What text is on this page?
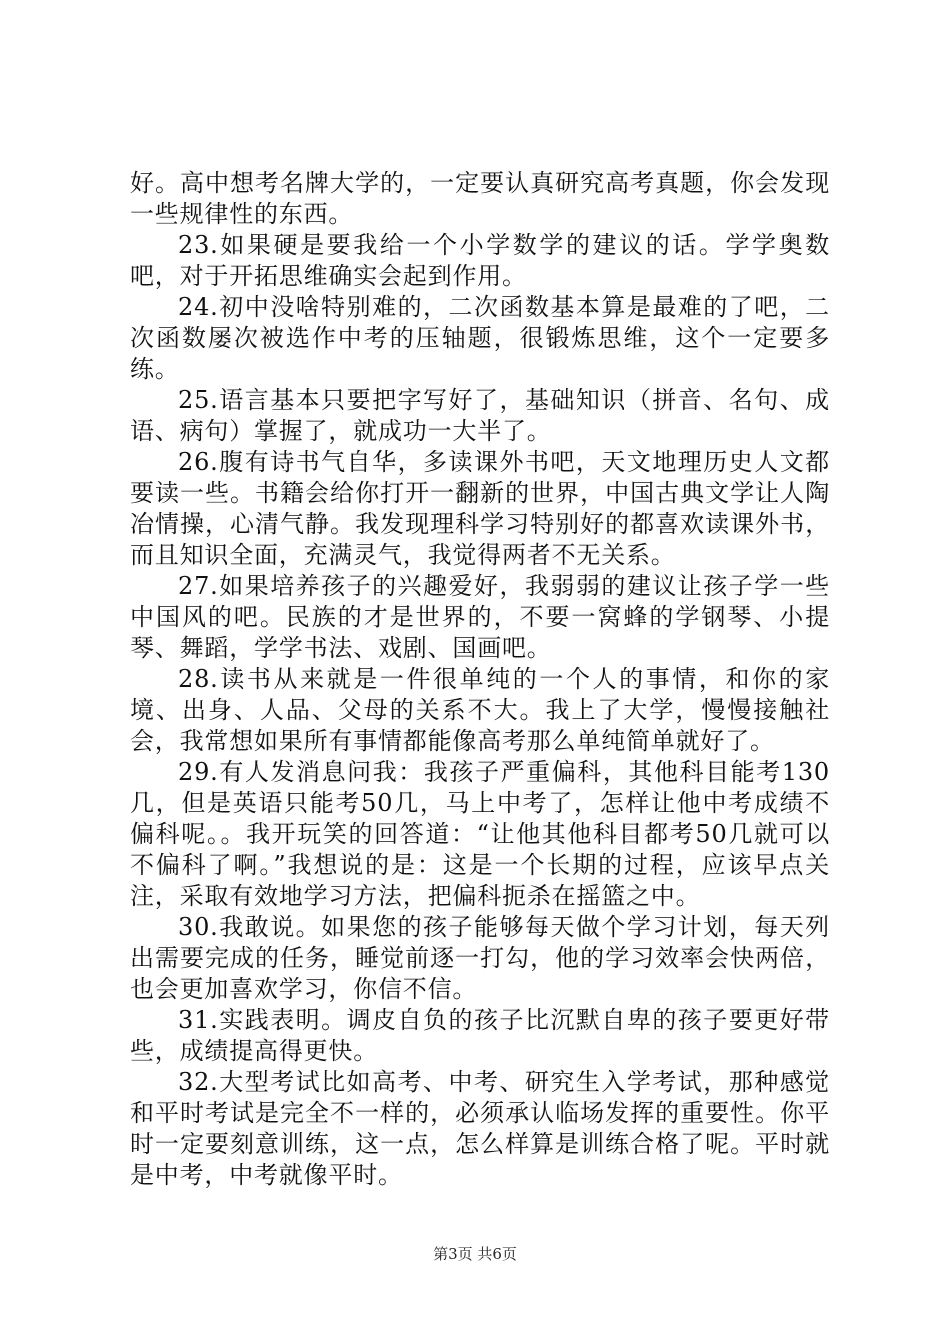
好。高中想考名牌大学的，一定要认真研究高考真题，你会发现一些规律性的东西。

23.如果硬是要我给一个小学数学的建议的话。学学奥数吧，对于开拓思维确实会起到作用。

24.初中没啥特别难的，二次函数基本算是最难的了吧，二次函数屡次被选作中考的压轴题，很锻炼思维，这个一定要多练。

25.语言基本只要把字写好了，基础知识（拼音、名句、成语、病句）掌握了，就成功一大半了。

26.腹有诗书气自华，多读课外书吧，天文地理历史人文都要读一些。书籍会给你打开一翻新的世界，中国古典文学让人陶冶情操，心清气静。我发现理科学习特别好的都喜欢读课外书，而且知识全面，充满灵气，我觉得两者不无关系。

27.如果培养孩子的兴趣爱好，我弱弱的建议让孩子学一些中国风的吧。民族的才是世界的，不要一窝蜂的学钢琴、小提琴、舞蹈，学学书法、戏剧、国画吧。

28.读书从来就是一件很单纯的一个人的事情，和你的家境、出身、人品、父母的关系不大。我上了大学，慢慢接触社会，我常想如果所有事情都能像高考那么单纯简单就好了。

29.有人发消息问我：我孩子严重偏科，其他科目能考130几，但是英语只能考50几，马上中考了，怎样让他中考成绩不偏科呢。。我开玩笑的回答道：“让他其他科目都考50几就可以不偏科了啊。”我想说的是：这是一个长期的过程，应该早点关注，采取有效地学习方法，把偏科扼杀在摇篮之中。

30.我敢说。如果您的孩子能够每天做个学习计划，每天列出需要完成的任务，睡觉前逐一打勾，他的学习效率会快两倍，也会更加喜欢学习，你信不信。

31.实践表明。调皮自负的孩子比沉默自卑的孩子要更好带些，成绩提高得更快。

32.大型考试比如高考、中考、研究生入学考试，那种感觉和平时考试是完全不一样的，必须承认临场发挥的重要性。你平时一定要刻意训练，这一点，怎么样算是训练合格了呢。平时就是中考，中考就像平时。

第3页 共6页
